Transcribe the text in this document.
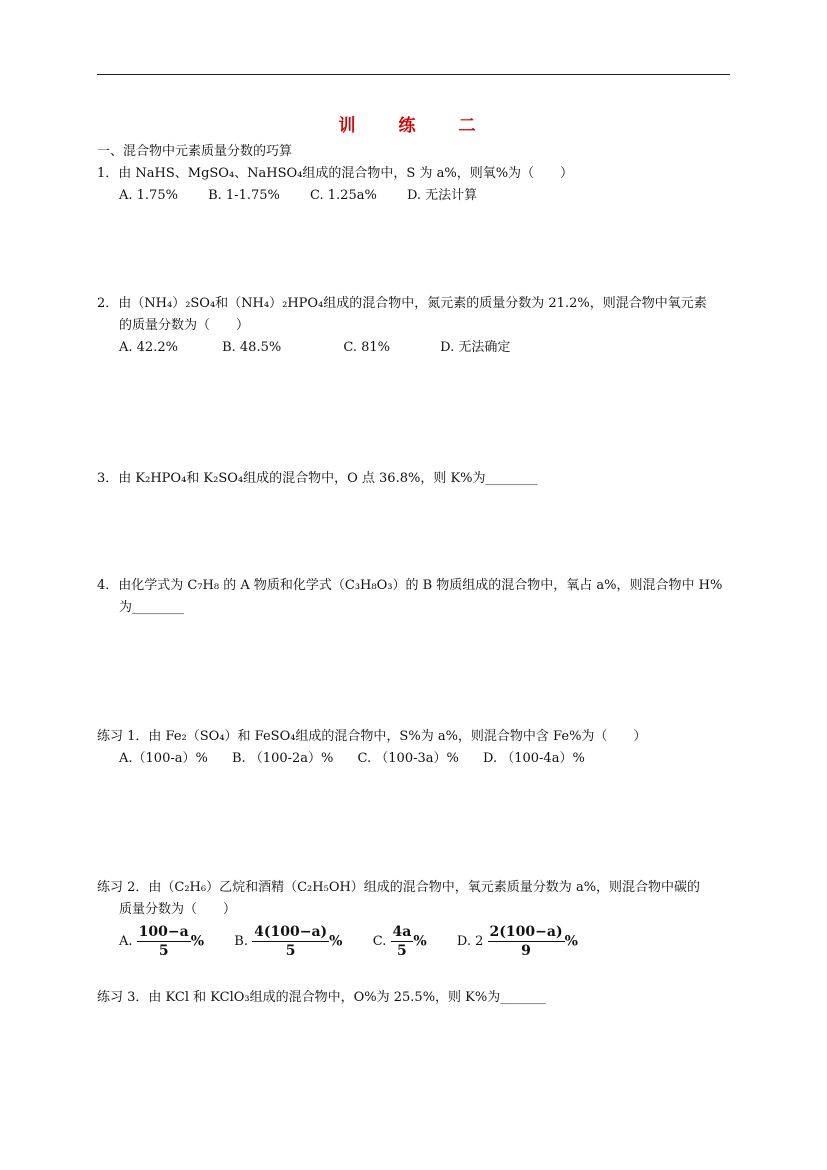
训　练　二
一、混合物中元素质量分数的巧算
1．由 NaHS、MgSO₄、NaHSO₄组成的混合物中，S 为 a%，则氧%为（　　）
A. 1.75% B. 1-1.75% C. 1.25a% D. 无法计算
2．由（NH₄）₂SO₄和（NH₄）₂HPO₄组成的混合物中，氮元素的质量分数为 21.2%，则混合物中氧元素
的质量分数为（　　）
A. 42.2%	B. 48.5%	C. 81%	D. 无法确定
3．由 K₂HPO₄和 K₂SO₄组成的混合物中，O 点 36.8%，则 K%为________
4．由化学式为 C₇H₈ 的 A 物质和化学式（C₃H₈O₃）的 B 物质组成的混合物中，氧占 a%，则混合物中 H%
为________
练习 1．由 Fe₂（SO₄）和 FeSO₄组成的混合物中，S%为 a%，则混合物中含 Fe%为（　　）
A.（100-a）% B. （100-2a）% C. （100-3a）% D. （100-4a）%
练习 2．由（C₂H₆）乙烷和酒精（C₂H₅OH）组成的混合物中，氧元素质量分数为 a%，则混合物中碳的
质量分数为（　　）
A. $\frac{100-a}{5}$ % B. $\frac{4(100-a)}{5}$ % C. $\frac{4a}{5}$ % D. $2 \frac{2(100-a)}{9}$ %
练习 3．由 KCl 和 KClO₃组成的混合物中，O%为 25.5%，则 K%为_______
